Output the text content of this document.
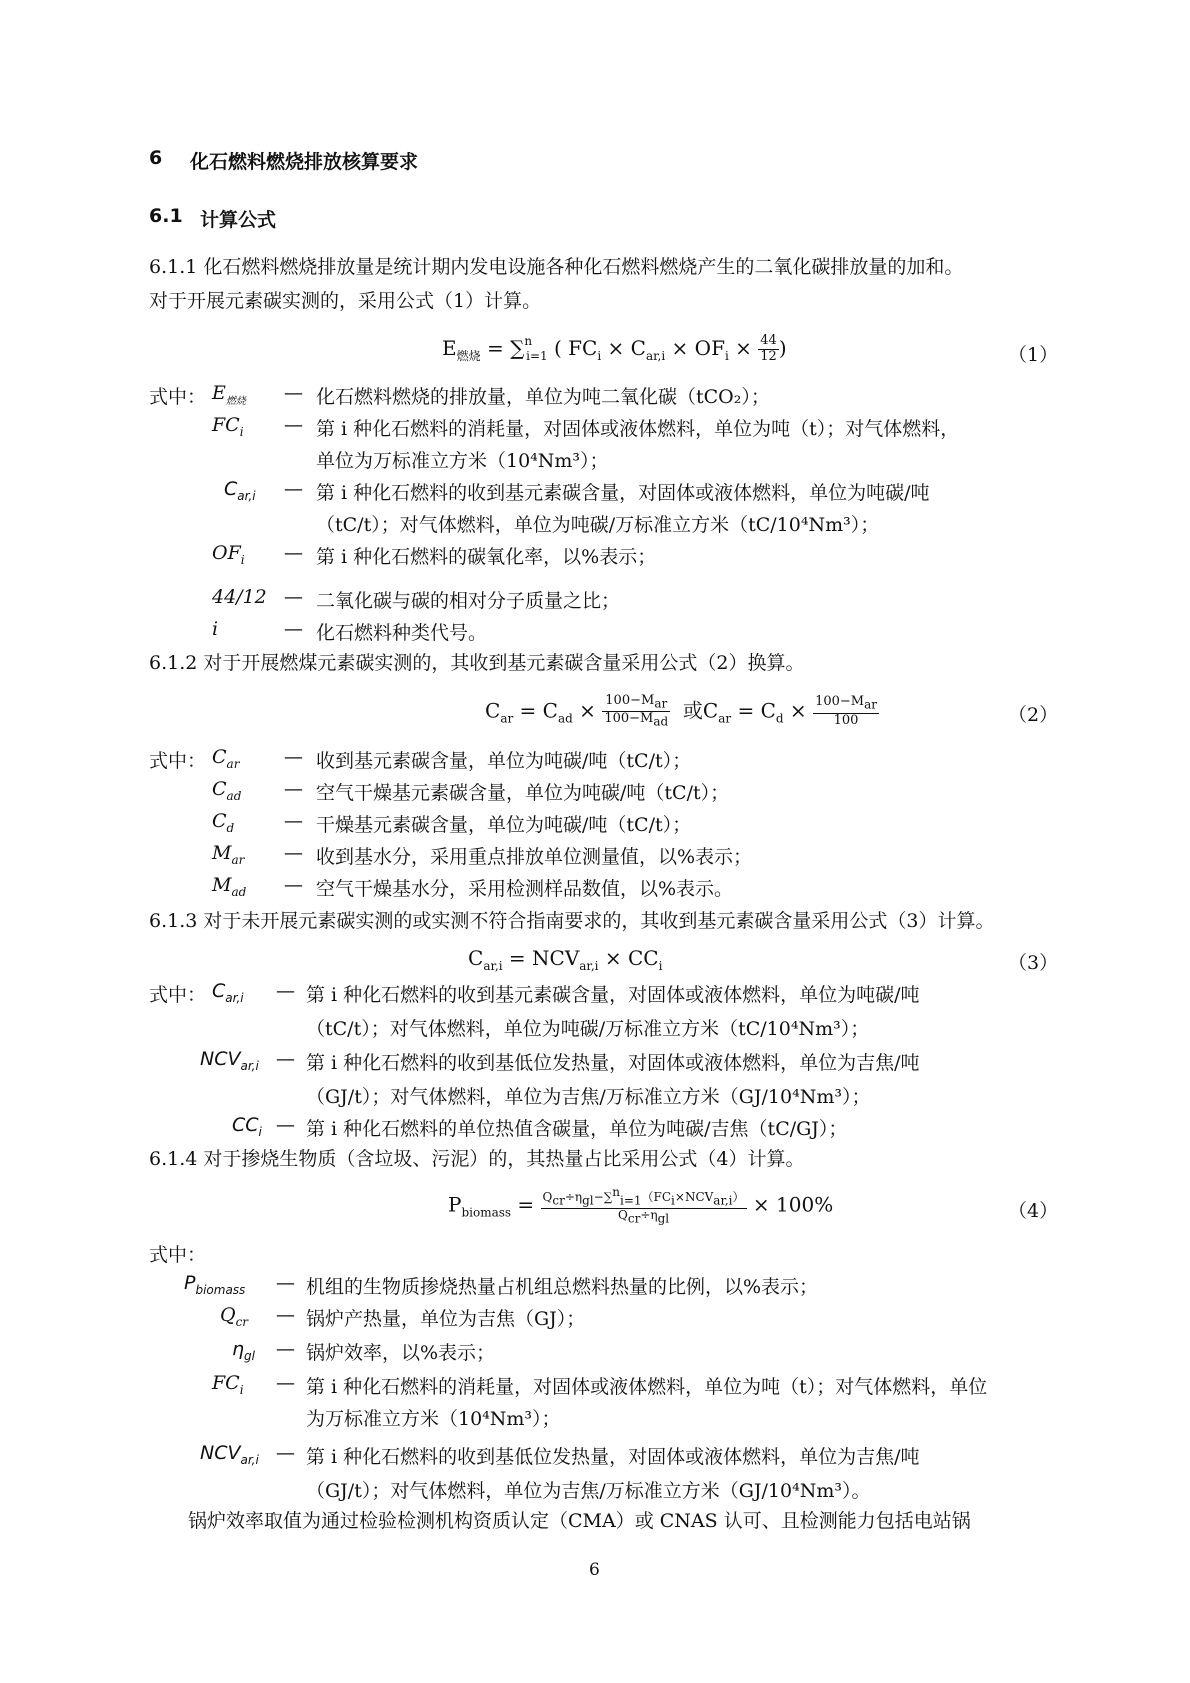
6 化石燃料燃烧排放核算要求
6.1 计算公式
6.1.1 化石燃料燃烧排放量是统计期内发电设施各种化石燃料燃烧产生的二氧化碳排放量的加和。
对于开展元素碳实测的，采用公式（1）计算。
$E_{燃烧} = \sum^n_{i=1}$ ( $FC_i \times C_{ar,i} \times OF_i \times \frac{44}{12}$ )	（1）
式中： $E_{燃烧}$ — 化石燃料燃烧的排放量，单位为吨二氧化碳（tCO₂）；
$FC_i$ — 第 i 种化石燃料的消耗量，对固体或液体燃料，单位为吨（t）；对气体燃料，
单位为万标准立方米（10⁴Nm³）；
$C_{ar,i}$ — 第 i 种化石燃料的收到基元素碳含量，对固体或液体燃料，单位为吨碳/吨
（tC/t）；对气体燃料，单位为吨碳/万标准立方米（tC/10⁴Nm³）；
$OF_i$ — 第 i 种化石燃料的碳氧化率，以%表示；
44/12 — 二氧化碳与碳的相对分子质量之比；
i	— 化石燃料种类代号。
6.1.2 对于开展燃煤元素碳实测的，其收到基元素碳含量采用公式（2）换算。
$C_{ar} = C_{ad} \times \frac{100-M_{ar}}{100-M_{ad}}$ 或$C_{ar} = C_d \times \frac{100-M_{ar}}{100}$	（2）
式中： $C_{ar}$ — 收到基元素碳含量，单位为吨碳/吨（tC/t）；
$C_{ad}$ — 空气干燥基元素碳含量，单位为吨碳/吨（tC/t）；
$C_d$	— 干燥基元素碳含量，单位为吨碳/吨（tC/t）；
$M_{ar}$ — 收到基水分，采用重点排放单位测量值，以%表示；
$M_{ad}$ — 空气干燥基水分，采用检测样品数值，以%表示。
6.1.3 对于未开展元素碳实测的或实测不符合指南要求的，其收到基元素碳含量采用公式（3）计算。
$C_{ar,i} = NCV_{ar,i} \times CC_i$	（3）
式中： $C_{ar,i}$ — 第 i 种化石燃料的收到基元素碳含量，对固体或液体燃料，单位为吨碳/吨
（tC/t）；对气体燃料，单位为吨碳/万标准立方米（tC/10⁴Nm³）；
$NCV_{ar,i}$ — 第 i 种化石燃料的收到基低位发热量，对固体或液体燃料，单位为吉焦/吨
（GJ/t）；对气体燃料，单位为吉焦/万标准立方米（GJ/10⁴Nm³）；
$CC_i$ — 第 i 种化石燃料的单位热值含碳量，单位为吨碳/吉焦（tC/GJ）；
6.1.4 对于掺烧生物质（含垃圾、污泥）的，其热量占比采用公式（4）计算。
$P_{biomass} = \frac{Q_{cr}\div\eta_{gl}-\sum^n_{i=1}(FC_i\times NCV_{ar,i})}{Q_{cr}\div\eta_{gl}} \times 100\%$	（4）
式中：
$P_{biomass}$ — 机组的生物质掺烧热量占机组总燃料热量的比例，以%表示；
$Q_{cr}$ — 锅炉产热量，单位为吉焦（GJ）；
$\eta_{gl}$ — 锅炉效率，以%表示；
$FC_i$ — 第 i 种化石燃料的消耗量，对固体或液体燃料，单位为吨（t）；对气体燃料，单位
为万标准立方米（10⁴Nm³）；
$NCV_{ar,i}$ — 第 i 种化石燃料的收到基低位发热量，对固体或液体燃料，单位为吉焦/吨
（GJ/t）；对气体燃料，单位为吉焦/万标准立方米（GJ/10⁴Nm³）。
锅炉效率取值为通过检验检测机构资质认定（CMA）或 CNAS 认可、且检测能力包括电站锅
6
